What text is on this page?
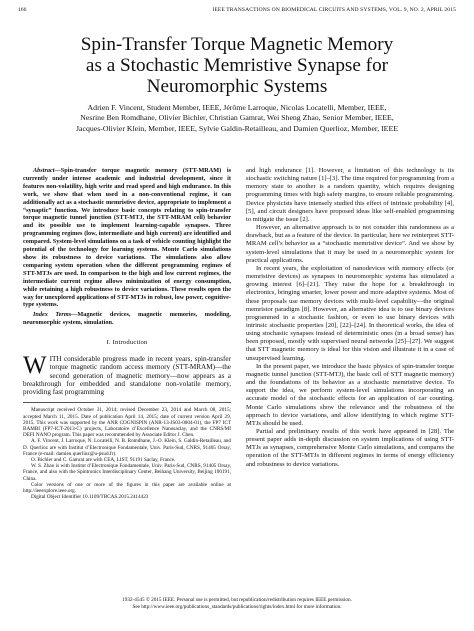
166	IEEE TRANSACTIONS ON BIOMEDICAL CIRCUITS AND SYSTEMS, VOL. 9, NO. 2, APRIL 2015
Spin-Transfer Torque Magnetic Memory
as a Stochastic Memristive Synapse for
Neuromorphic Systems
Adrien F. Vincent, Student Member, IEEE, Jérôme Larroque, Nicolas Locatelli, Member, IEEE,
Nesrine Ben Romdhane, Olivier Bichler, Christian Gamrat, Wei Sheng Zhao, Senior Member, IEEE,
Jacques-Olivier Klein, Member, IEEE, Sylvie Galdin-Retailleau, and Damien Querlioz, Member, IEEE

Abstract—Spin-transfer torque magnetic memory (STT-MRAM) is currently under intense academic and industrial development, since it features non-volatility, high write and read speed and high endurance. In this work, we show that when used in a non-conventional regime, it can additionally act as a stochastic memristive device, appropriate to implement a “synaptic” function. We introduce basic concepts relating to spin-transfer torque magnetic tunnel junction (STT-MTJ, the STT-MRAM cell) behavior and its possible use to implement learning-capable synapses. Three programming regimes (low, intermediate and high current) are identified and compared. System-level simulations on a task of vehicle counting highlight the potential of the technology for learning systems. Monte Carlo simulations show its robustness to device variations. The simulations also allow comparing system operation when the different programming regimes of STT-MTJs are used. In comparison to the high and low current regimes, the intermediate current regime allows minimization of energy consumption, while retaining a high robustness to device variations. These results open the way for unexplored applications of STT-MTJs in robust, low power, cognitive-type systems.

Index Terms—Magnetic devices, magnetic memories, modeling, neuromorphic system, simulation.

I. Introduction

W ITH considerable progress made in recent years, spin-transfer torque magnetic random access memory (STT-MRAM)—the second generation of magnetic memory—now appears as a breakthrough for embedded and standalone non-volatile memory, providing fast programming

Manuscript received October 31, 2014; revised December 23, 2014 and March 08, 2015; accepted March 11, 2015. Date of publication April 14, 2015; date of current version April 29, 2015. This work was supported by the ANR COGNISPIN (ANR-13-JS03-0004-01), the FP7 ICT BAMBI (FP7-ICT-2013-C) projects, Laboratoire d’Excellence Nanosaclay, and the CNRS/MI DEFI NANO program. This paper was recommended by Associate Editor J. Chen.

A. F. Vincent, J. Larroque, N. Locatelli, N. B. Romdhane, J.-O. Klein, S. Galdin-Retailleau, and D. Querlioz are with Institut d’Electronique Fondamentale, Univ. Paris-Sud, CNRS, 91405 Orsay, France (e-mail: damien.querlioz@u-psud.fr).

O. Bichler and C. Gamrat are with CEA, LIST, 91191 Saclay, France.

W. S. Zhao is with Institut d’Electronique Fondamentale, Univ. Paris-Sud, CNRS, 91405 Orsay, France, and also with the Spintronics Interdisciplinary Center, Beihang University, Beijing 100191, China.

Color versions of one or more of the figures in this paper are available online at http://ieeexplore.ieee.org.

Digital Object Identifier 10.1109/TBCAS.2015.2414423

and high endurance [1]. However, a limitation of this technology is its stochastic switching nature [1]–[3]. The time required for programming from a memory state to another is a random quantity, which requires designing programming times with high safety margins, to ensure reliable programming. Device physicists have intensely studied this effect of intrinsic probability [4], [5], and circuit designers have proposed ideas like self-enabled programming to mitigate the issue [2].

However, an alternative approach is to not consider this randomness as a drawback, but as a feature of the device. In particular, here we reinterpret STT-MRAM cell’s behavior as a “stochastic memristive device”. And we show by system-level simulations that it may be used in a neuromorphic system for practical applications.

In recent years, the exploitation of nanodevices with memory effects (or memristive devices) as synapses in neuromorphic systems has stimulated a growing interest [6]–[21]. They raise the hope for a breakthrough in electronics, bringing smarter, lower power and more adaptive systems. Most of these proposals use memory devices with multi-level capability—the original memristor paradigm [8]. However, an alternative idea is to use binary devices programmed in a stochastic fashion, or even to use binary devices with intrinsic stochastic properties [20], [22]–[24]. In theoretical works, the idea of using stochastic synapses instead of deterministic ones (in a broad sense) has been proposed, mostly with supervised neural networks [25]–[27]. We suggest that STT magnetic memory is ideal for this vision and illustrate it in a case of unsupervised learning.

In the present paper, we introduce the basic physics of spin-transfer torque magnetic tunnel junction (STT-MTJ), the basic cell of STT magnetic memory) and the foundations of its behavior as a stochastic memristive device. To support the idea, we perform system-level simulations incorporating an accurate model of the stochastic effects for an application of car counting. Monte Carlo simulations show the relevance and the robustness of the approach to device variations, and allow identifying in which regime STT-MTJs should be used.

Partial and preliminary results of this work have appeared in [28]. The present paper adds in-depth discussion on system implications of using STT-MTJs as synapses, comprehensive Monte Carlo simulations, and compares the operation of the STT-MTJs in different regimes in terms of energy efficiency and robustness to device variations.

1932-4545 © 2015 IEEE. Personal use is permitted, but republication/redistribution requires IEEE permission.
See http://www.ieee.org/publications_standards/publications/rights/index.html for more information.
